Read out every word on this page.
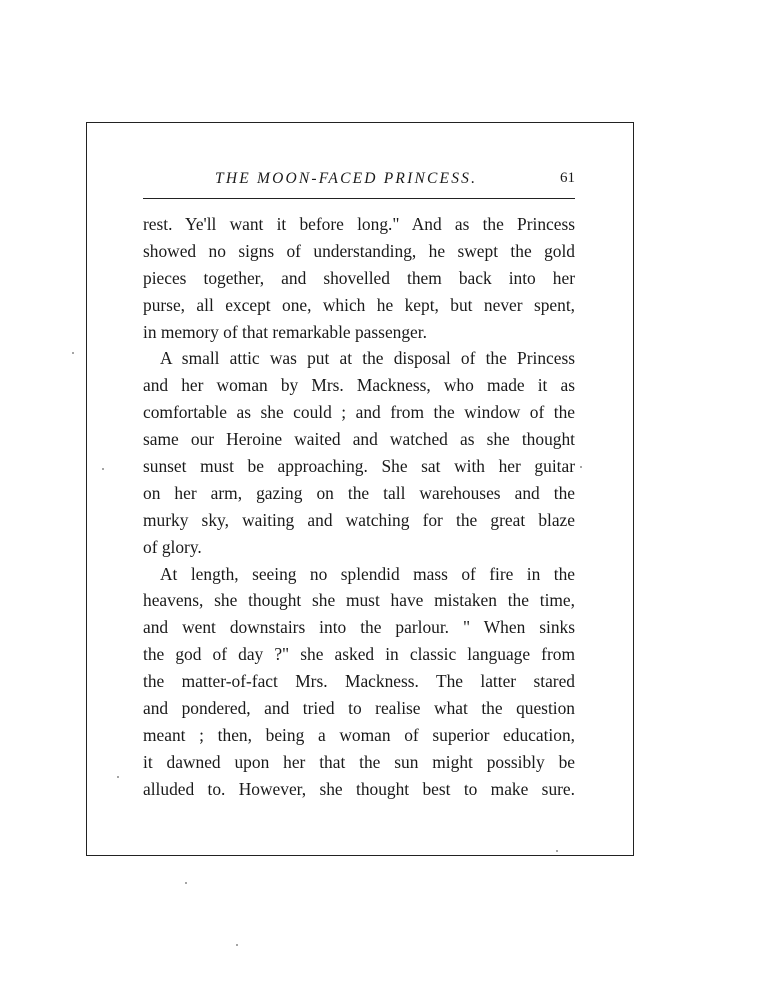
THE MOON-FACED PRINCESS.	61
rest. Ye'll want it before long." And as the Princess
showed no signs of understanding, he swept the gold
pieces together, and shovelled them back into her
purse, all except one, which he kept, but never spent,
in memory of that remarkable passenger.
A small attic was put at the disposal of the Princess
and her woman by Mrs. Mackness, who made it as
comfortable as she could ; and from the window of the
same our Heroine waited and watched as she thought
sunset must be approaching. She sat with her guitar
on her arm, gazing on the tall warehouses and the
murky sky, waiting and watching for the great blaze
of glory.
At length, seeing no splendid mass of fire in the
heavens, she thought she must have mistaken the time,
and went downstairs into the parlour. " When sinks
the god of day ?" she asked in classic language from
the matter-of-fact Mrs. Mackness. The latter stared
and pondered, and tried to realise what the question
meant ; then, being a woman of superior education,
it dawned upon her that the sun might possibly be
alluded to. However, she thought best to make sure.
